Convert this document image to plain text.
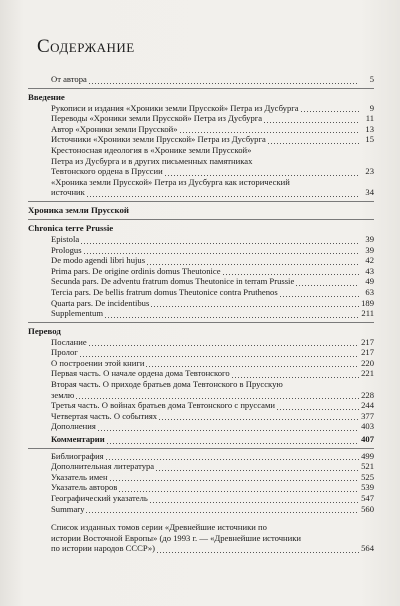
Содержание
От автора	5
Введение
Рукописи и издания «Хроники земли Прусской» Петра из Дусбурга	9
Переводы «Хроники земли Прусской» Петра из Дусбурга	11
Автор «Хроники земли Прусской»	13
Источники «Хроники земли Прусской» Петра из Дусбурга	15
Крестоносная идеология в «Хронике земли Прусской»
Петра из Дусбурга и в других письменных памятниках
Тевтонского ордена в Пруссии	23
«Хроника земли Прусской» Петра из Дусбурга как исторический
источник	34
Хроника земли Прусской
Chronica terre Prussie
Epistola	39
Prologus	39
De modo agendi libri hujus	42
Prima pars. De origine ordinis domus Theutonice	43
Secunda pars. De adventu fratrum domus Theutonice in terram Prussie	49
Tercia pars. De bellis fratrum domus Theutonice contra Pruthenos	63
Quarta pars. De incidentibus	189
Supplementum	211
Перевод
Послание	217
Пролог	217
О построении этой книги	220
Первая часть. О начале ордена дома Тевтонского	221
Вторая часть. О приходе братьев дома Тевтонского в Прусскую
землю	228
Третья часть. О войнах братьев дома Тевтонского с пруссами	244
Четвертая часть. О событиях	377
Дополнения	403
Комментарии	407
Библиография	499
Дополнительная литература	521
Указатель имен	525
Указатель авторов	539
Географический указатель	547
Summary	560
Список изданных томов серии «Древнейшие источники по
истории Восточной Европы» (до 1993 г. — «Древнейшие источники
по истории народов СССР»)	564
